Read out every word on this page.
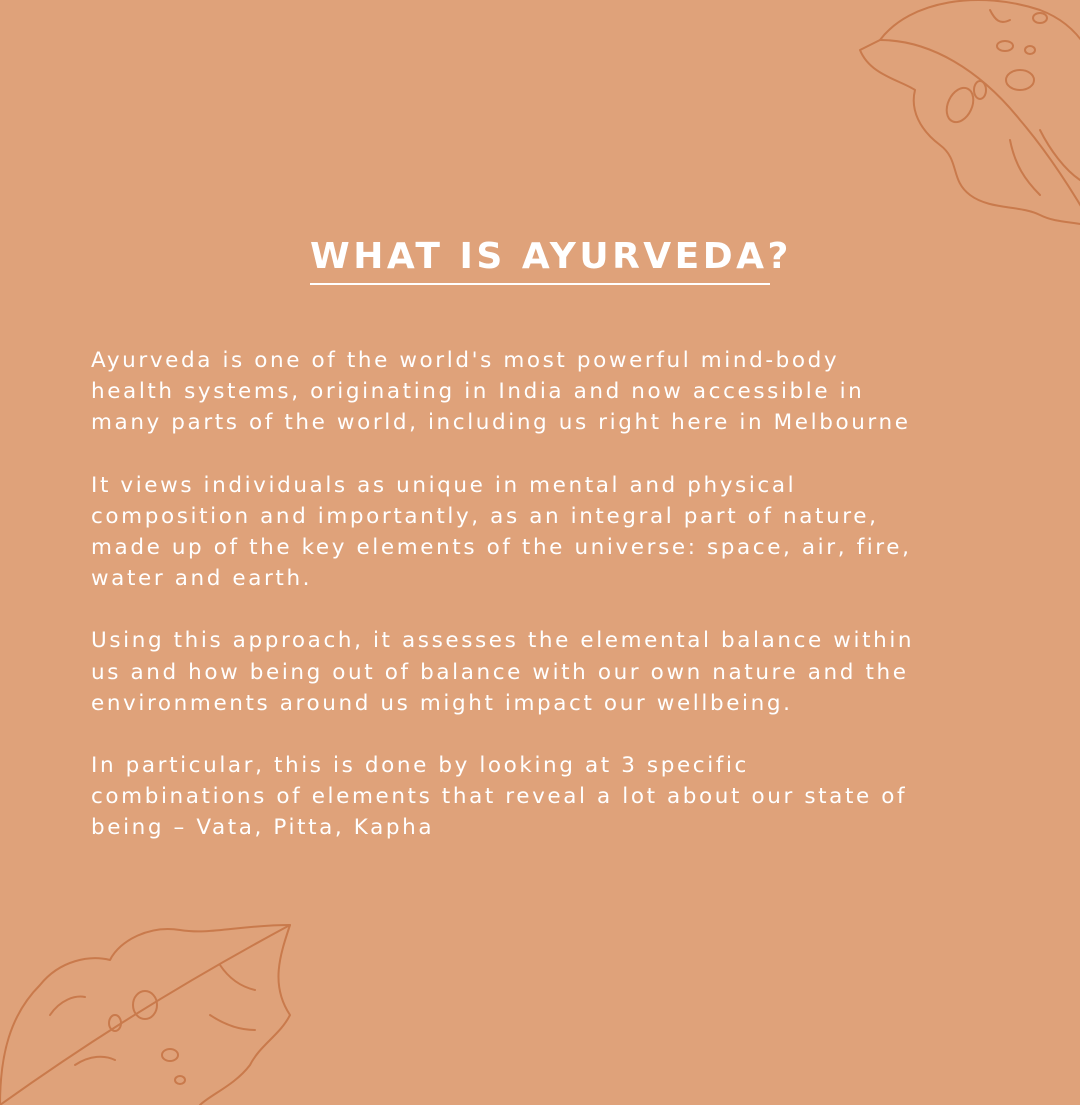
WHAT IS AYURVEDA?

Ayurveda is one of the world's most powerful mind-body
health systems, originating in India and now accessible in
many parts of the world, including us right here in Melbourne

It views individuals as unique in mental and physical
composition and importantly, as an integral part of nature,
made up of the key elements of the universe: space, air, fire,
water and earth.

Using this approach, it assesses the elemental balance within
us and how being out of balance with our own nature and the
environments around us might impact our wellbeing.

In particular, this is done by looking at 3 specific
combinations of elements that reveal a lot about our state of
being – Vata, Pitta, Kapha
